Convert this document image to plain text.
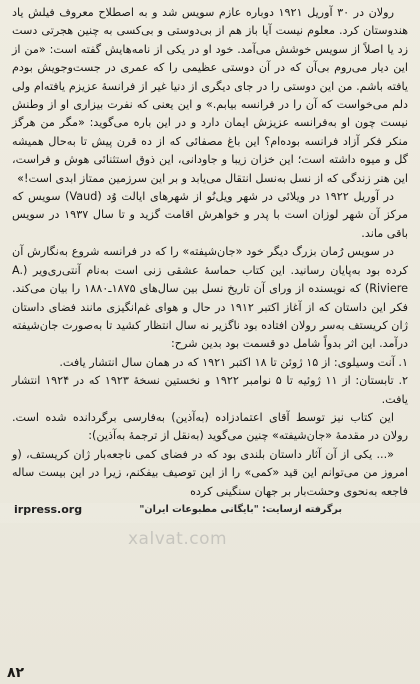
رولان در ۳۰ آوریل ۱۹۲۱ دوباره عازم سویس شد و به اصطلاح معروف فیلش یاد هندوستان کرد. معلوم نیست آیا باز هم از بی‌دوستی و بی‌کسی به چنین هجرتی دست زد یا اصلاً از سویس خوشش می‌آمد. خود او در یکی از نامه‌هایش گفته است: «من از این دیار می‌روم بی‌آن که در آن دوستی عظیمی را که عمری در جست‌وجویش بودم یافته باشم. من این دوستی را در جای دیگری از دنیا غیر از فرانسهٔ عزیزم یافته‌ام ولی دلم می‌خواست که آن را در فرانسه بیابم.» و این یعنی که نفرت بیزاری او از وطنش نیست چون او به‌فرانسه عزیزش ایمان دارد و در این باره می‌گوید: «مگر من هرگز منکر فکر آزاد فرانسه بوده‌ام؟ این باغ مصفائی که از ده قرن پیش تا به‌حال همیشه گل و میوه داشته است؛ این خزان زیبا و جاودانی، این ذوق استثنائی هوش و فراست، این هنر زندگی که از نسل به‌نسل انتقال می‌یابد و بر این سرزمین ممتاز ابدی است!»

در آوریل ۱۹۲۲ در ویلائی در شهر ویل‌نُو از شهرهای ایالت وُد (Vaud) سویس که مرکز آن شهر لوزان است با پدر و خواهرش اقامت گزید و تا سال ۱۹۳۷ در سویس باقی ماند.

در سویس رُمان بزرگ دیگر خود «جان‌شیفته» را که در فرانسه شروع به‌نگارش آن کرده بود به‌پایان رسانید. این کتاب حماسهٔ عشقی زنی است به‌نام آنتی‌ری‌ویر (A. Riviere) که نویسنده از ورای آن تاریخ نسل بین سال‌های ۱۸۷۵ـ۱۸۸۰ را بیان می‌کند. فکر این داستان که از آغاز اکتبر ۱۹۱۲ در حال و هوای غم‌انگیزی مانند فضای داستان ژان کریستف به‌سر رولان افتاده بود ناگزیر نه سال انتظار کشید تا به‌صورت جان‌شیفته درآمد. این اثر بدواً شامل دو قسمت بود بدین شرح:

۱. آنت وسیلوی: از ۱۵ ژوئن تا ۱۸ اکتبر ۱۹۲۱ که در همان سال انتشار یافت.

۲. تابستان: از ۱۱ ژوئیه تا ۵ نوامبر ۱۹۲۲ و نخستین نسخهٔ ۱۹۲۳ که در ۱۹۲۴ انتشار یافت.

این کتاب نیز توسط آقای اعتمادزاده (به‌آذین) به‌فارسی برگردانده شده است. رولان در مقدمهٔ «جان‌شیفته» چنین می‌گوید (به‌نقل از ترجمهٔ به‌آذین):

«... یکی از آن آثار داستان بلندی بود که در فضای کمی ناجعه‌بار ژان کریستف، (و امروز من می‌توانم این قید «کمی» را از این توصیف بیفکنم، زیرا در این بیست ساله فاجعه به‌نحوی وحشت‌بار بر جهان سنگینی کرده

برگرفته ازسایت: "بایگانی مطبوعات ایران"
irpress.org
xalvat.com
۸۲
